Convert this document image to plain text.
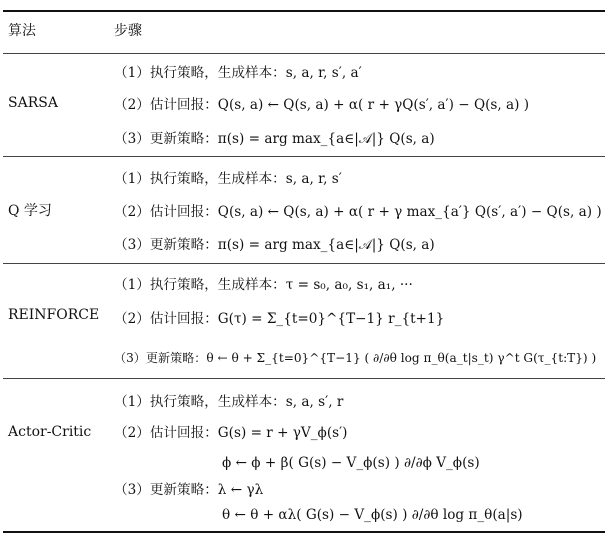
算法	步骤
SARSA
（1）执行策略，生成样本：s, a, r, s′, a′
（2）估计回报：Q(s, a) ← Q(s, a) + α( r + γQ(s′, a′) − Q(s, a) )
（3）更新策略：π(s) = arg max_{a∈|𝒜|} Q(s, a)
Q 学习
（1）执行策略，生成样本：s, a, r, s′
（2）估计回报：Q(s, a) ← Q(s, a) + α( r + γ max_{a′} Q(s′, a′) − Q(s, a) )
（3）更新策略：π(s) = arg max_{a∈|𝒜|} Q(s, a)
REINFORCE
（1）执行策略，生成样本：τ = s₀, a₀, s₁, a₁, ···
（2）估计回报：G(τ) = Σ_{t=0}^{T−1} r_{t+1}
（3）更新策略：θ ← θ + Σ_{t=0}^{T−1} ( ∂/∂θ log π_θ(a_t|s_t) γ^t G(τ_{t:T}) )
Actor-Critic
（1）执行策略，生成样本：s, a, s′, r
（2）估计回报：G(s) = r + γV_ϕ(s′)
ϕ ← ϕ + β( G(s) − V_ϕ(s) ) ∂/∂ϕ V_ϕ(s)
（3）更新策略：λ ← γλ
θ ← θ + αλ( G(s) − V_ϕ(s) ) ∂/∂θ log π_θ(a|s)
